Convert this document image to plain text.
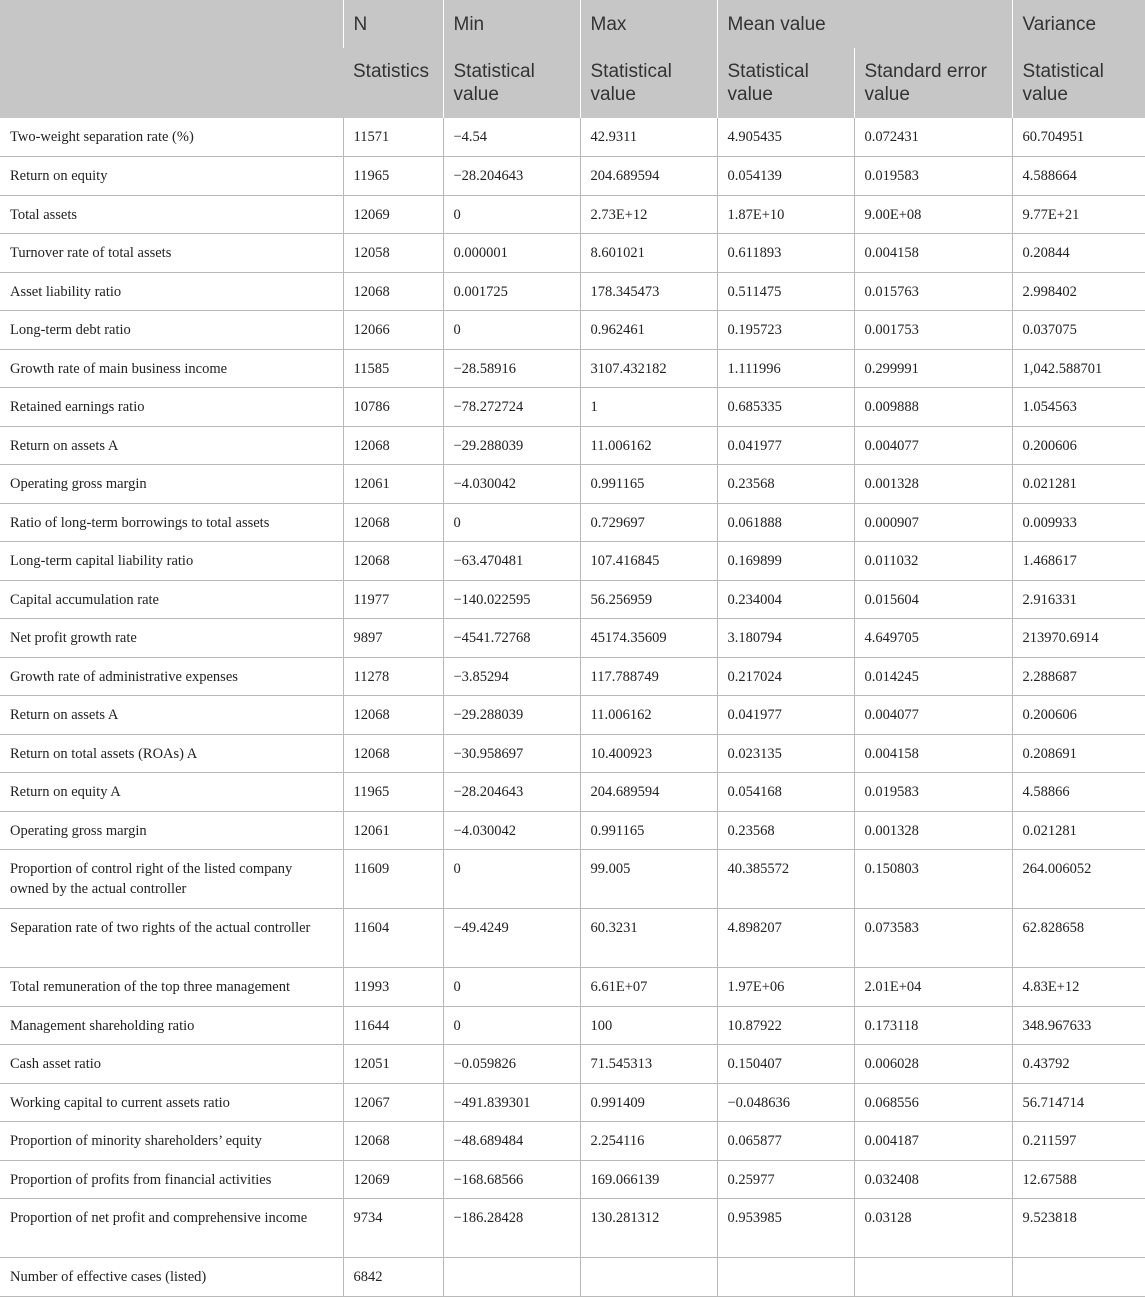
	N	Min	Max	Mean value		Variance
	Statistics	Statistical value	Statistical value	Statistical value	Standard error value	Statistical value
Two-weight separation rate (%)	11571	−4.54	42.9311	4.905435	0.072431	60.704951
Return on equity	11965	−28.204643	204.689594	0.054139	0.019583	4.588664
Total assets	12069	0	2.73E+12	1.87E+10	9.00E+08	9.77E+21
Turnover rate of total assets	12058	0.000001	8.601021	0.611893	0.004158	0.20844
Asset liability ratio	12068	0.001725	178.345473	0.511475	0.015763	2.998402
Long-term debt ratio	12066	0	0.962461	0.195723	0.001753	0.037075
Growth rate of main business income	11585	−28.58916	3107.432182	1.111996	0.299991	1,042.588701
Retained earnings ratio	10786	−78.272724	1	0.685335	0.009888	1.054563
Return on assets A	12068	−29.288039	11.006162	0.041977	0.004077	0.200606
Operating gross margin	12061	−4.030042	0.991165	0.23568	0.001328	0.021281
Ratio of long-term borrowings to total assets	12068	0	0.729697	0.061888	0.000907	0.009933
Long-term capital liability ratio	12068	−63.470481	107.416845	0.169899	0.011032	1.468617
Capital accumulation rate	11977	−140.022595	56.256959	0.234004	0.015604	2.916331
Net profit growth rate	9897	−4541.72768	45174.35609	3.180794	4.649705	213970.6914
Growth rate of administrative expenses	11278	−3.85294	117.788749	0.217024	0.014245	2.288687
Return on assets A	12068	−29.288039	11.006162	0.041977	0.004077	0.200606
Return on total assets (ROAs) A	12068	−30.958697	10.400923	0.023135	0.004158	0.208691
Return on equity A	11965	−28.204643	204.689594	0.054168	0.019583	4.58866
Operating gross margin	12061	−4.030042	0.991165	0.23568	0.001328	0.021281
Proportion of control right of the listed company owned by the actual controller	11609	0	99.005	40.385572	0.150803	264.006052
Separation rate of two rights of the actual controller	11604	−49.4249	60.3231	4.898207	0.073583	62.828658
Total remuneration of the top three management	11993	0	6.61E+07	1.97E+06	2.01E+04	4.83E+12
Management shareholding ratio	11644	0	100	10.87922	0.173118	348.967633
Cash asset ratio	12051	−0.059826	71.545313	0.150407	0.006028	0.43792
Working capital to current assets ratio	12067	−491.839301	0.991409	−0.048636	0.068556	56.714714
Proportion of minority shareholders’ equity	12068	−48.689484	2.254116	0.065877	0.004187	0.211597
Proportion of profits from financial activities	12069	−168.68566	169.066139	0.25977	0.032408	12.67588
Proportion of net profit and comprehensive income	9734	−186.28428	130.281312	0.953985	0.03128	9.523818
Number of effective cases (listed)	6842					
